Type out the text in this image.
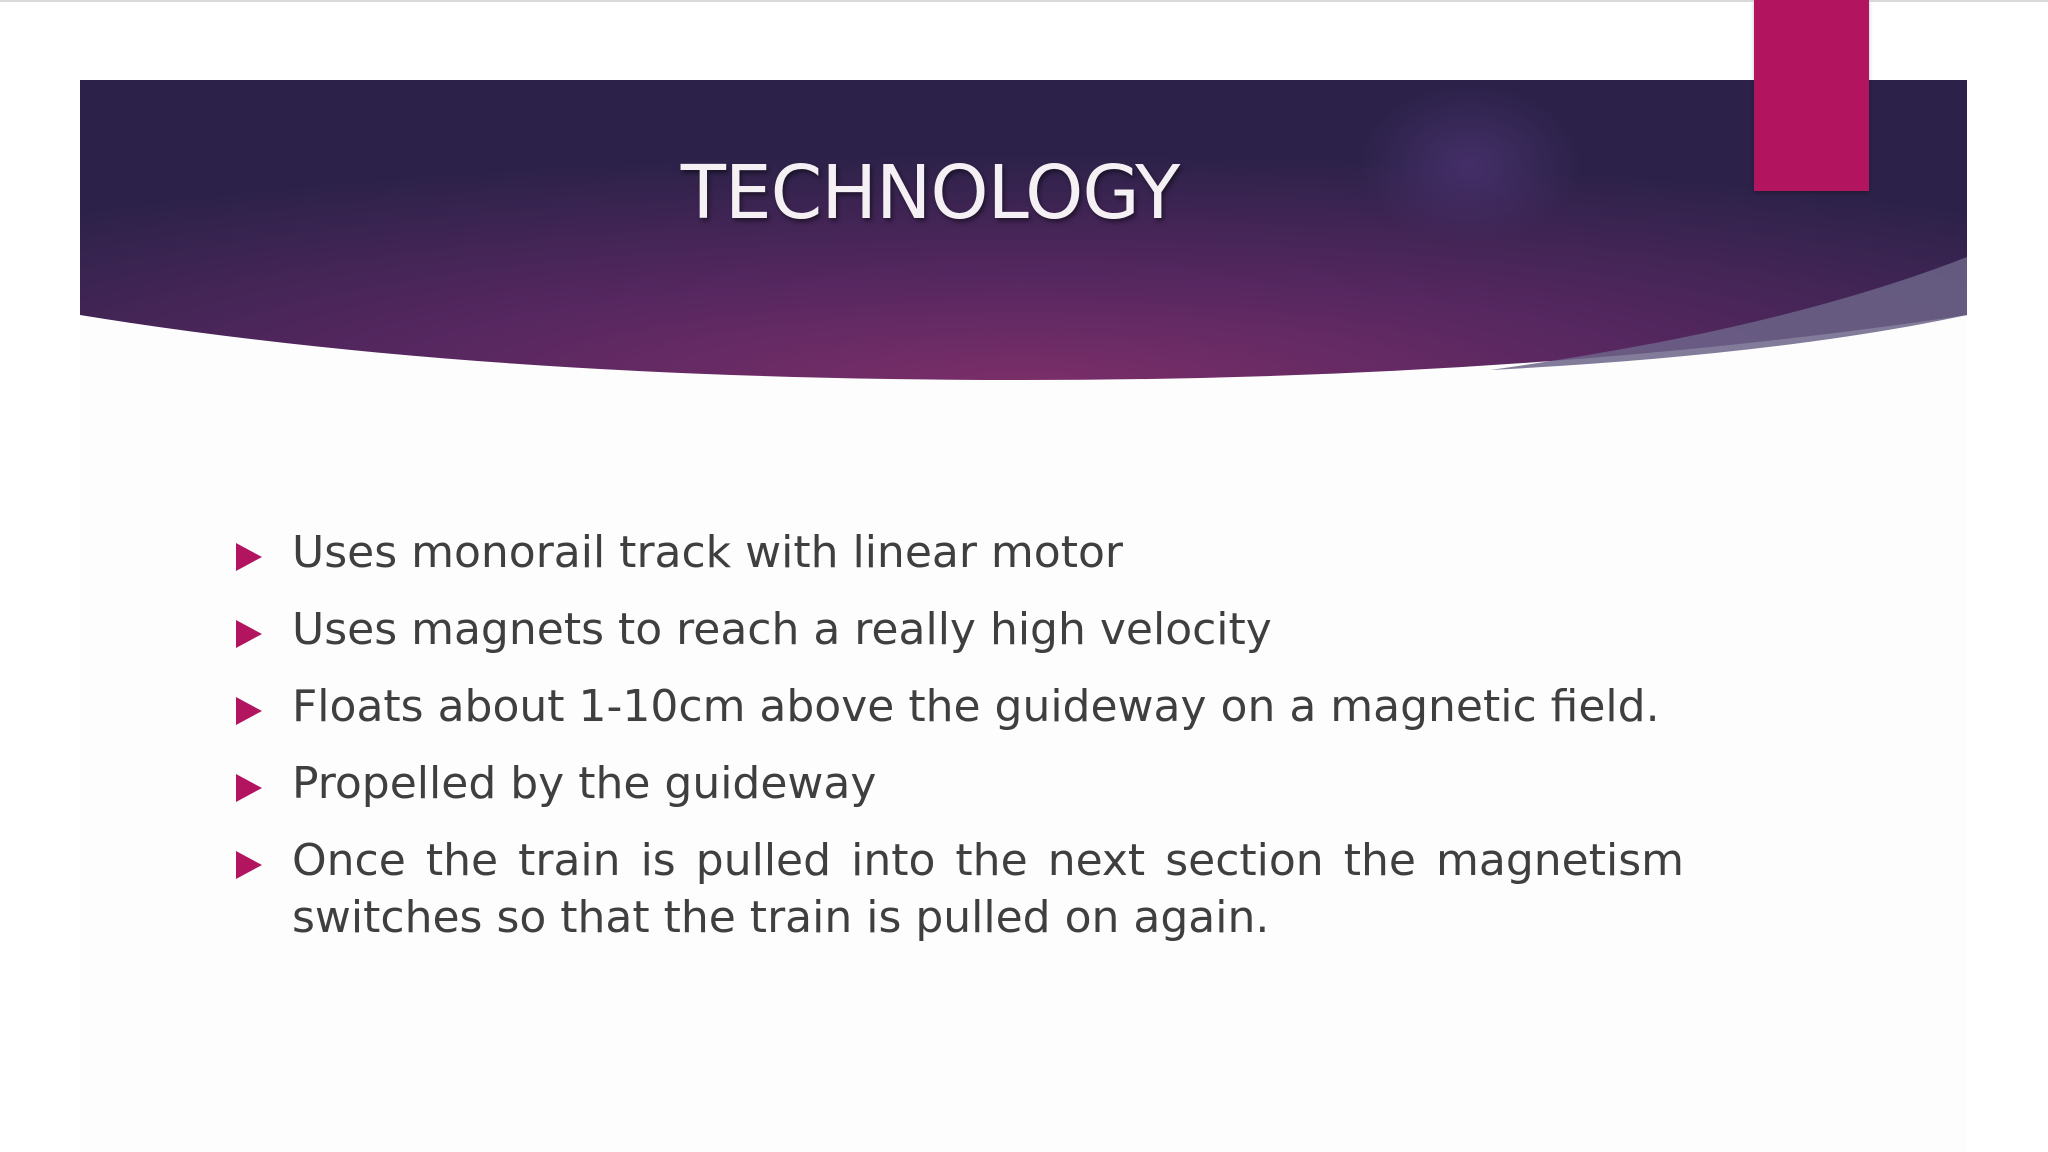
TECHNOLOGY
Uses monorail track with linear motor
Uses magnets to reach a really high velocity
Floats about 1-10cm above the guideway on a magnetic field.
Propelled by the guideway
Once the train is pulled into the next section the magnetism switches so that the train is pulled on again.
